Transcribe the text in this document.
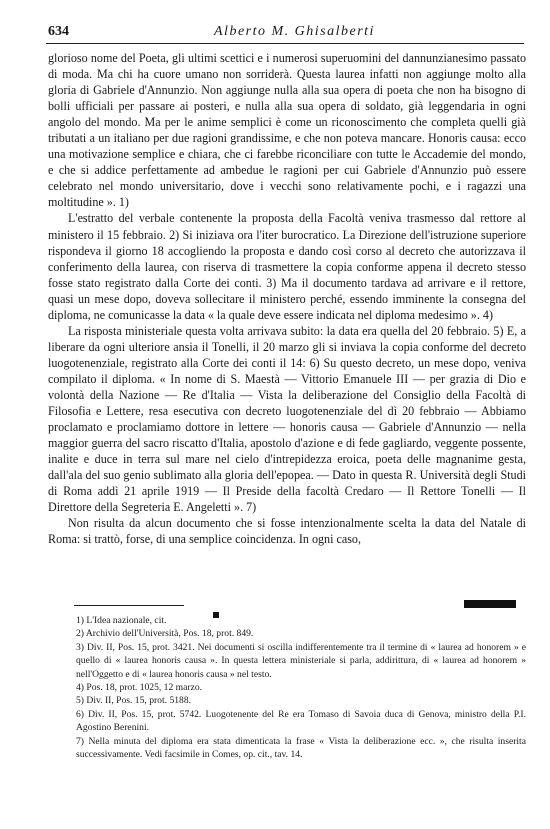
634	Alberto M. Ghisalberti

glorioso nome del Poeta, gli ultimi scettici e i numerosi superuomini del dannunzianesimo passato di moda. Ma chi ha cuore umano non sorriderà. Questa laurea infatti non aggiunge molto alla gloria di Gabriele d'Annunzio. Non aggiunge nulla alla sua opera di poeta che non ha bisogno di bolli ufficiali per passare ai posteri, e nulla alla sua opera di soldato, già leggendaria in ogni angolo del mondo. Ma per le anime semplici è come un riconoscimento che completa quelli già tributati a un italiano per due ragioni grandissime, e che non poteva mancare. Honoris causa: ecco una motivazione semplice e chiara, che ci farebbe riconciliare con tutte le Accademie del mondo, e che si addice perfettamente ad ambedue le ragioni per cui Gabriele d'Annunzio può essere celebrato nel mondo universitario, dove i vecchi sono relativamente pochi, e i ragazzi una moltitudine ». 1)

L'estratto del verbale contenente la proposta della Facoltà veniva trasmesso dal rettore al ministero il 15 febbraio. 2) Si iniziava ora l'iter burocratico. La Direzione dell'istruzione superiore rispondeva il giorno 18 accogliendo la proposta e dando così corso al decreto che autorizzava il conferimento della laurea, con riserva di trasmettere la copia conforme appena il decreto stesso fosse stato registrato dalla Corte dei conti. 3) Ma il documento tardava ad arrivare e il rettore, quasi un mese dopo, doveva sollecitare il ministero perché, essendo imminente la consegna del diploma, ne comunicasse la data « la quale deve essere indicata nel diploma medesimo ». 4)

La risposta ministeriale questa volta arrivava subito: la data era quella del 20 febbraio. 5) E, a liberare da ogni ulteriore ansia il Tonelli, il 20 marzo gli si inviava la copia conforme del decreto luogotenenziale, registrato alla Corte dei conti il 14: 6) Su questo decreto, un mese dopo, veniva compilato il diploma. « In nome di S. Maestà — Vittorio Emanuele III — per grazia di Dio e volontà della Nazione — Re d'Italia — Vista la deliberazione del Consiglio della Facoltà di Filosofia e Lettere, resa esecutiva con decreto luogotenenziale del dì 20 febbraio — Abbiamo proclamato e proclamiamo dottore in lettere — honoris causa — Gabriele d'Annunzio — nella maggior guerra del sacro riscatto d'Italia, apostolo d'azione e di fede gagliardo, veggente possente, inalite e duce in terra sul mare nel cielo d'intrepidezza eroica, poeta delle magnanime gesta, dall'ala del suo genio sublimato alla gloria dell'epopea. — Dato in questa R. Università degli Studi di Roma addì 21 aprile 1919 — Il Preside della facoltà Credaro — Il Rettore Tonelli — Il Direttore della Segreteria E. Angeletti ». 7)

Non risulta da alcun documento che si fosse intenzionalmente scelta la data del Natale di Roma: si trattò, forse, di una semplice coincidenza. In ogni caso,

1) L'Idea nazionale, cit.

2) Archivio dell'Università, Pos. 18, prot. 849.

3) Div. II, Pos. 15, prot. 3421. Nei documenti si oscilla indifferentemente tra il termine di « laurea ad honorem » e quello di « laurea honoris causa ». In questa lettera ministeriale si parla, addirittura, di « laurea ad honorem » nell'Oggetto e di « laurea honoris causa » nel testo.

4) Pos. 18, prot. 1025, 12 marzo.

5) Div. II, Pos. 15, prot. 5188.

6) Div. II, Pos. 15, prot. 5742. Luogotenente del Re era Tomaso di Savoia duca di Genova, ministro della P.I. Agostino Berenini.

7) Nella minuta del diploma era stata dimenticata la frase « Vista la deliberazione ecc. », che risulta inserita successivamente. Vedi facsimile in Comes, op. cit., tav. 14.
